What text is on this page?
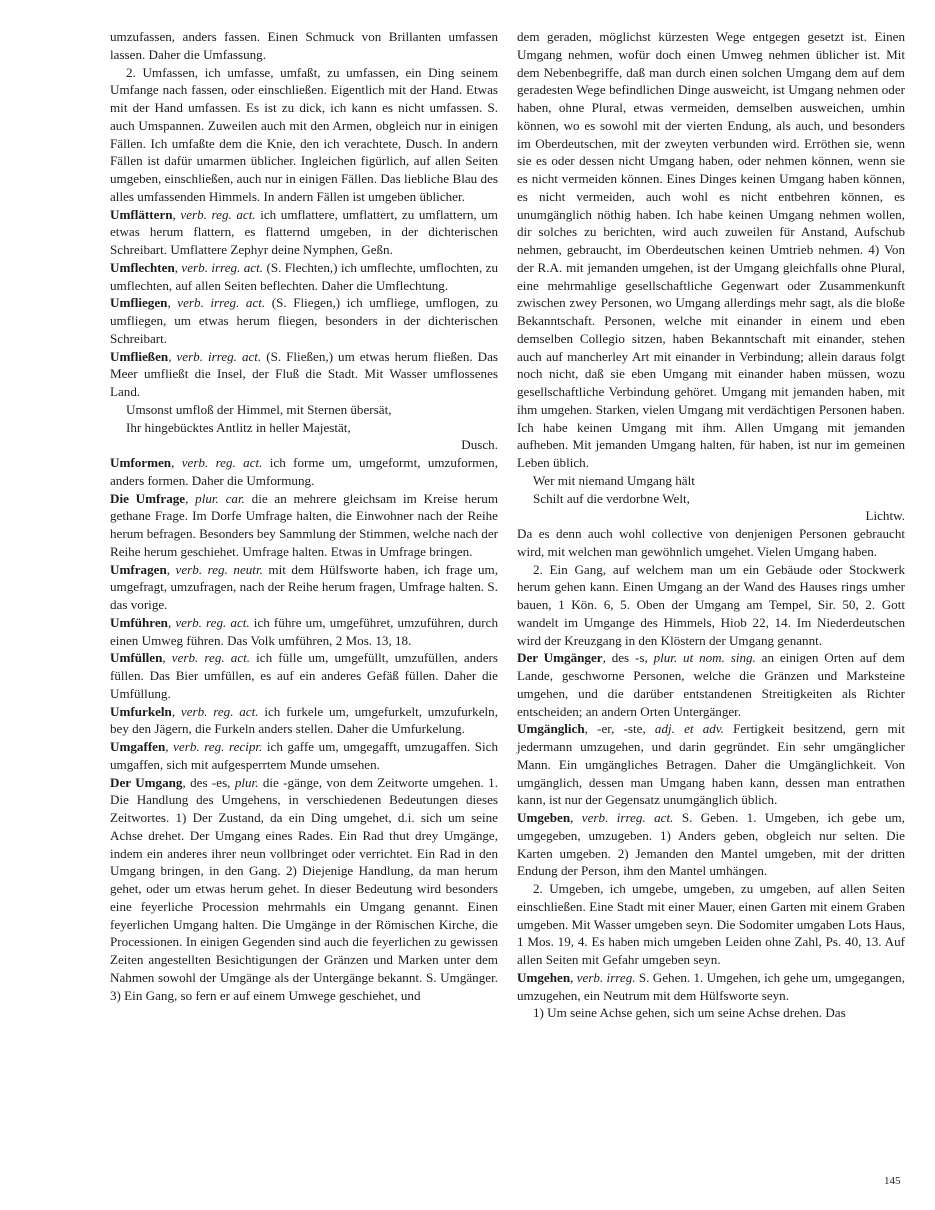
umzufassen, anders fassen. Einen Schmuck von Brillanten umfassen lassen. Daher die Umfassung.

2. Umfassen, ich umfasse, umfaßt, zu umfassen, ein Ding seinem Umfange nach fassen, oder einschließen. Eigentlich mit der Hand. Etwas mit der Hand umfassen. Es ist zu dick, ich kann es nicht umfassen. S. auch Umspannen. Zuweilen auch mit den Armen, obgleich nur in einigen Fällen. Ich umfaßte dem die Knie, den ich verachtete, Dusch. In andern Fällen ist dafür umarmen üblicher. Ingleichen figürlich, auf allen Seiten umgeben, einschließen, auch nur in einigen Fällen. Das liebliche Blau des alles umfassenden Himmels. In andern Fällen ist umgeben üblicher.

Umflättern, verb. reg. act. ich umflattere, umflattert, zu umflattern, um etwas herum flattern, es flatternd umgeben, in der dichterischen Schreibart. Umflattere Zephyr deine Nymphen, Geßn.

Umflechten, verb. irreg. act. (S. Flechten,) ich umflechte, umflochten, zu umflechten, auf allen Seiten beflechten. Daher die Umflechtung.

Umfliegen, verb. irreg. act. (S. Fliegen,) ich umfliege, umflogen, zu umfliegen, um etwas herum fliegen, besonders in der dichterischen Schreibart.

Umfließen, verb. irreg. act. (S. Fließen,) um etwas herum fließen. Das Meer umfließt die Insel, der Fluß die Stadt. Mit Wasser umflossenes Land.

Umsonst umfloß der Himmel, mit Sternen übersät,

Ihr hingebücktes Antlitz in heller Majestät,

Dusch.

Umformen, verb. reg. act. ich forme um, umgeformt, umzuformen, anders formen. Daher die Umformung.

Die Umfrage, plur. car. die an mehrere gleichsam im Kreise herum gethane Frage. Im Dorfe Umfrage halten, die Einwohner nach der Reihe herum befragen. Besonders bey Sammlung der Stimmen, welche nach der Reihe herum geschiehet. Umfrage halten. Etwas in Umfrage bringen.

Umfragen, verb. reg. neutr. mit dem Hülfsworte haben, ich frage um, umgefragt, umzufragen, nach der Reihe herum fragen, Umfrage halten. S. das vorige.

Umführen, verb. reg. act. ich führe um, umgeführet, umzuführen, durch einen Umweg führen. Das Volk umführen, 2 Mos. 13, 18.

Umfüllen, verb. reg. act. ich fülle um, umgefüllt, umzufüllen, anders füllen. Das Bier umfüllen, es auf ein anderes Gefäß füllen. Daher die Umfüllung.

Umfurkeln, verb. reg. act. ich furkele um, umgefurkelt, umzufurkeln, bey den Jägern, die Furkeln anders stellen. Daher die Umfurkelung.

Umgaffen, verb. reg. recipr. ich gaffe um, umgegafft, umzugaffen. Sich umgaffen, sich mit aufgesperrtem Munde umsehen.

Der Umgang, des -es, plur. die -gänge, von dem Zeitworte umgehen. 1. Die Handlung des Umgehens, in verschiedenen Bedeutungen dieses Zeitwortes. 1) Der Zustand, da ein Ding umgehet, d.i. sich um seine Achse drehet. Der Umgang eines Rades. Ein Rad thut drey Umgänge, indem ein anderes ihrer neun vollbringet oder verrichtet. Ein Rad in den Umgang bringen, in den Gang. 2) Diejenige Handlung, da man herum gehet, oder um etwas herum gehet. In dieser Bedeutung wird besonders eine feyerliche Procession mehrmahls ein Umgang genannt. Einen feyerlichen Umgang halten. Die Umgänge in der Römischen Kirche, die Processionen. In einigen Gegenden sind auch die feyerlichen zu gewissen Zeiten angestellten Besichtigungen der Gränzen und Marken unter dem Nahmen sowohl der Umgänge als der Untergänge bekannt. S. Umgänger. 3) Ein Gang, so fern er auf einem Umwege geschiehet, und

dem geraden, möglichst kürzesten Wege entgegen gesetzt ist. Einen Umgang nehmen, wofür doch einen Umweg nehmen üblicher ist. Mit dem Nebenbegriffe, daß man durch einen solchen Umgang dem auf dem geradesten Wege befindlichen Dinge ausweicht, ist Umgang nehmen oder haben, ohne Plural, etwas vermeiden, demselben ausweichen, umhin können, wo es sowohl mit der vierten Endung, als auch, und besonders im Oberdeutschen, mit der zweyten verbunden wird. Erröthen sie, wenn sie es oder dessen nicht Umgang haben, oder nehmen können, wenn sie es nicht vermeiden können. Eines Dinges keinen Umgang haben können, es nicht vermeiden, auch wohl es nicht entbehren können, es unumgänglich nöthig haben. Ich habe keinen Umgang nehmen wollen, dir solches zu berichten, wird auch zuweilen für Anstand, Aufschub nehmen, gebraucht, im Oberdeutschen keinen Umtrieb nehmen. 4) Von der R.A. mit jemanden umgehen, ist der Umgang gleichfalls ohne Plural, eine mehrmahlige gesellschaftliche Gegenwart oder Zusammenkunft zwischen zwey Personen, wo Umgang allerdings mehr sagt, als die bloße Bekanntschaft. Personen, welche mit einander in einem und eben demselben Collegio sitzen, haben Bekanntschaft mit einander, stehen auch auf mancherley Art mit einander in Verbindung; allein daraus folgt noch nicht, daß sie eben Umgang mit einander haben müssen, wozu gesellschaftliche Verbindung gehöret. Umgang mit jemanden haben, mit ihm umgehen. Starken, vielen Umgang mit verdächtigen Personen haben. Ich habe keinen Umgang mit ihm. Allen Umgang mit jemanden aufheben. Mit jemanden Umgang halten, für haben, ist nur im gemeinen Leben üblich.

Wer mit niemand Umgang hält

Schilt auf die verdorbne Welt,

Lichtw.

Da es denn auch wohl collective von denjenigen Personen gebraucht wird, mit welchen man gewöhnlich umgehet. Vielen Umgang haben.

2. Ein Gang, auf welchem man um ein Gebäude oder Stockwerk herum gehen kann. Einen Umgang an der Wand des Hauses rings umher bauen, 1 Kön. 6, 5. Oben der Umgang am Tempel, Sir. 50, 2. Gott wandelt im Umgange des Himmels, Hiob 22, 14. Im Niederdeutschen wird der Kreuzgang in den Klöstern der Umgang genannt.

Der Umgänger, des -s, plur. ut nom. sing. an einigen Orten auf dem Lande, geschworne Personen, welche die Gränzen und Marksteine umgehen, und die darüber entstandenen Streitigkeiten als Richter entscheiden; an andern Orten Untergänger.

Umgänglich, -er, -ste, adj. et adv. Fertigkeit besitzend, gern mit jedermann umzugehen, und darin gegründet. Ein sehr umgänglicher Mann. Ein umgängliches Betragen. Daher die Umgänglichkeit. Von umgänglich, dessen man Umgang haben kann, dessen man entrathen kann, ist nur der Gegensatz unumgänglich üblich.

Umgeben, verb. irreg. act. S. Geben. 1. Umgeben, ich gebe um, umgegeben, umzugeben. 1) Anders geben, obgleich nur selten. Die Karten umgeben. 2) Jemanden den Mantel umgeben, mit der dritten Endung der Person, ihm den Mantel umhängen.

2. Umgeben, ich umgebe, umgeben, zu umgeben, auf allen Seiten einschließen. Eine Stadt mit einer Mauer, einen Garten mit einem Graben umgeben. Mit Wasser umgeben seyn. Die Sodomiter umgaben Lots Haus, 1 Mos. 19, 4. Es haben mich umgeben Leiden ohne Zahl, Ps. 40, 13. Auf allen Seiten mit Gefahr umgeben seyn.

Umgehen, verb. irreg. S. Gehen. 1. Umgehen, ich gehe um, umgegangen, umzugehen, ein Neutrum mit dem Hülfsworte seyn.

1) Um seine Achse gehen, sich um seine Achse drehen. Das

145
